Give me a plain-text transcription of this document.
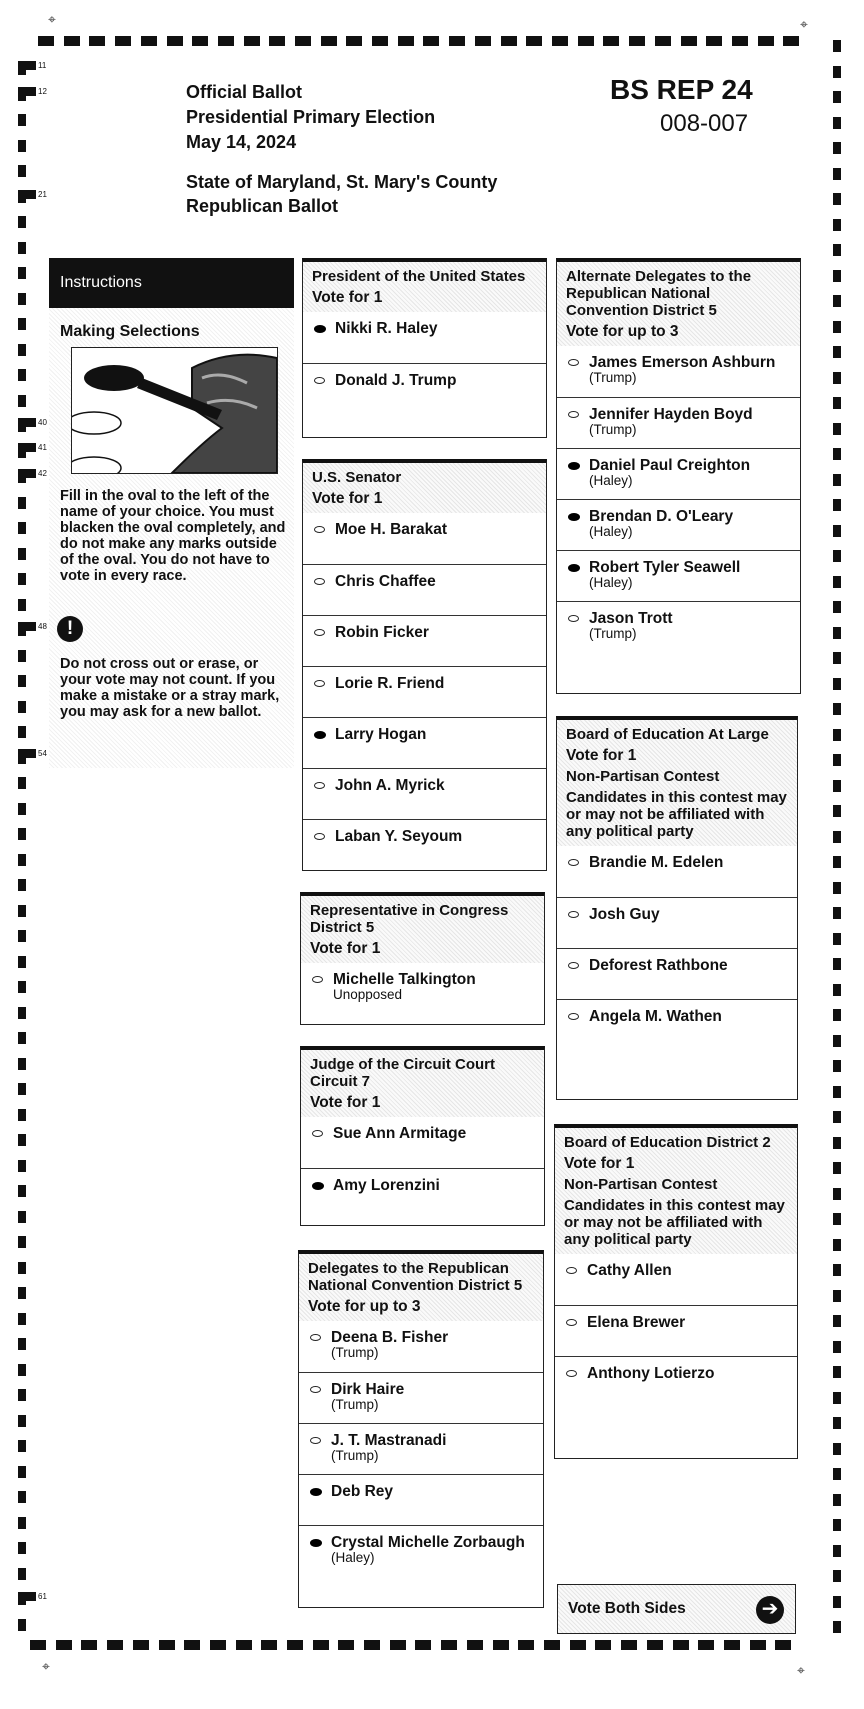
⌖	⌖
⌖	⌖
11
12
21
40
41
42
48
54
61
Official Ballot
Presidential Primary Election
May 14, 2024
State of Maryland, St. Mary's County
Republican Ballot
BS REP 24
008-007
Instructions
Making Selections
Fill in the oval to the left of the name of your choice. You must blacken the oval completely, and do not make any marks outside of the oval. You do not have to vote in every race.
!
Do not cross out or erase, or your vote may not count. If you make a mistake or a stray mark, you may ask for a new ballot.
President of the United States
Vote for 1
Nikki R. Haley
Donald J. Trump
U.S. Senator
Vote for 1
Moe H. Barakat
Chris Chaffee
Robin Ficker
Lorie R. Friend
Larry Hogan
John A. Myrick
Laban Y. Seyoum
Representative in Congress District 5
Vote for 1
Michelle Talkington
Unopposed
Judge of the Circuit Court Circuit 7
Vote for 1
Sue Ann Armitage
Amy Lorenzini
Delegates to the Republican National Convention District 5
Vote for up to 3
Deena B. Fisher
(Trump)
Dirk Haire
(Trump)
J. T. Mastranadi
(Trump)
Deb Rey
Crystal Michelle Zorbaugh
(Haley)
Alternate Delegates to the Republican National Convention District 5
Vote for up to 3
James Emerson Ashburn
(Trump)
Jennifer Hayden Boyd
(Trump)
Daniel Paul Creighton
(Haley)
Brendan D. O'Leary
(Haley)
Robert Tyler Seawell
(Haley)
Jason Trott
(Trump)
Board of Education At Large
Vote for 1
Non-Partisan Contest
Candidates in this contest may or may not be affiliated with any political party
Brandie M. Edelen
Josh Guy
Deforest Rathbone
Angela M. Wathen
Board of Education District 2
Vote for 1
Non-Partisan Contest
Candidates in this contest may or may not be affiliated with any political party
Cathy Allen
Elena Brewer
Anthony Lotierzo
Vote Both Sides	➔
